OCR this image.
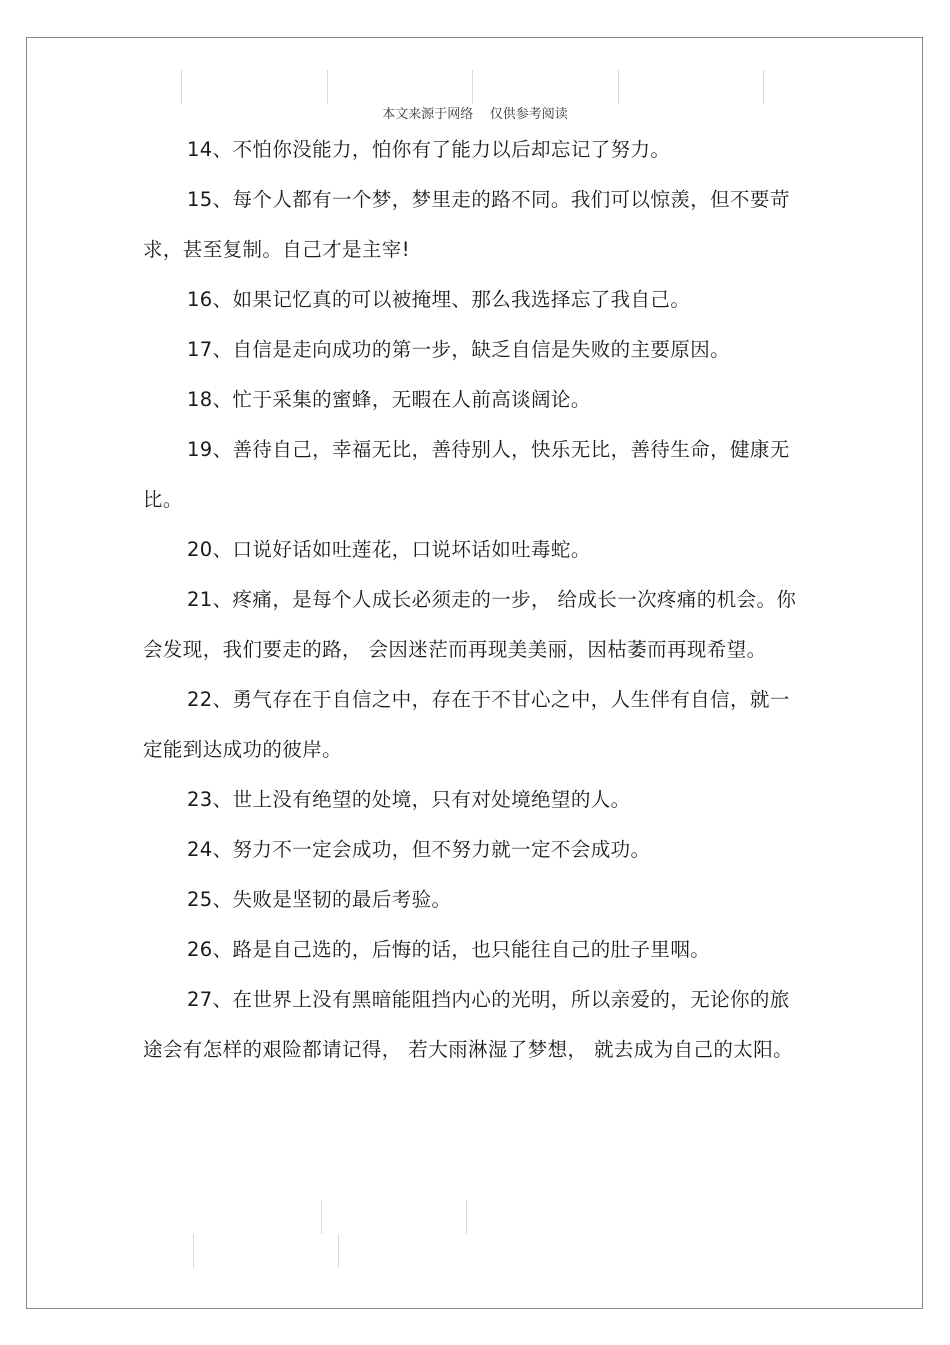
本文来源于网络    仅供参考阅读

14、不怕你没能力，怕你有了能力以后却忘记了努力。

15、每个人都有一个梦，梦里走的路不同。我们可以惊羡，但不要苛求，甚至复制。自己才是主宰!

16、如果记忆真的可以被掩埋、那么我选择忘了我自己。

17、自信是走向成功的第一步，缺乏自信是失败的主要原因。

18、忙于采集的蜜蜂，无暇在人前高谈阔论。

19、善待自己，幸福无比，善待别人，快乐无比，善待生命，健康无比。

20、口说好话如吐莲花，口说坏话如吐毒蛇。

21、疼痛，是每个人成长必须走的一步， 给成长一次疼痛的机会。你会发现，我们要走的路， 会因迷茫而再现美美丽，因枯萎而再现希望。

22、勇气存在于自信之中，存在于不甘心之中，人生伴有自信，就一定能到达成功的彼岸。

23、世上没有绝望的处境，只有对处境绝望的人。

24、努力不一定会成功，但不努力就一定不会成功。

25、失败是坚韧的最后考验。

26、路是自己选的，后悔的话，也只能往自己的肚子里咽。

27、在世界上没有黑暗能阻挡内心的光明，所以亲爱的，无论你的旅途会有怎样的艰险都请记得， 若大雨淋湿了梦想， 就去成为自己的太阳。
